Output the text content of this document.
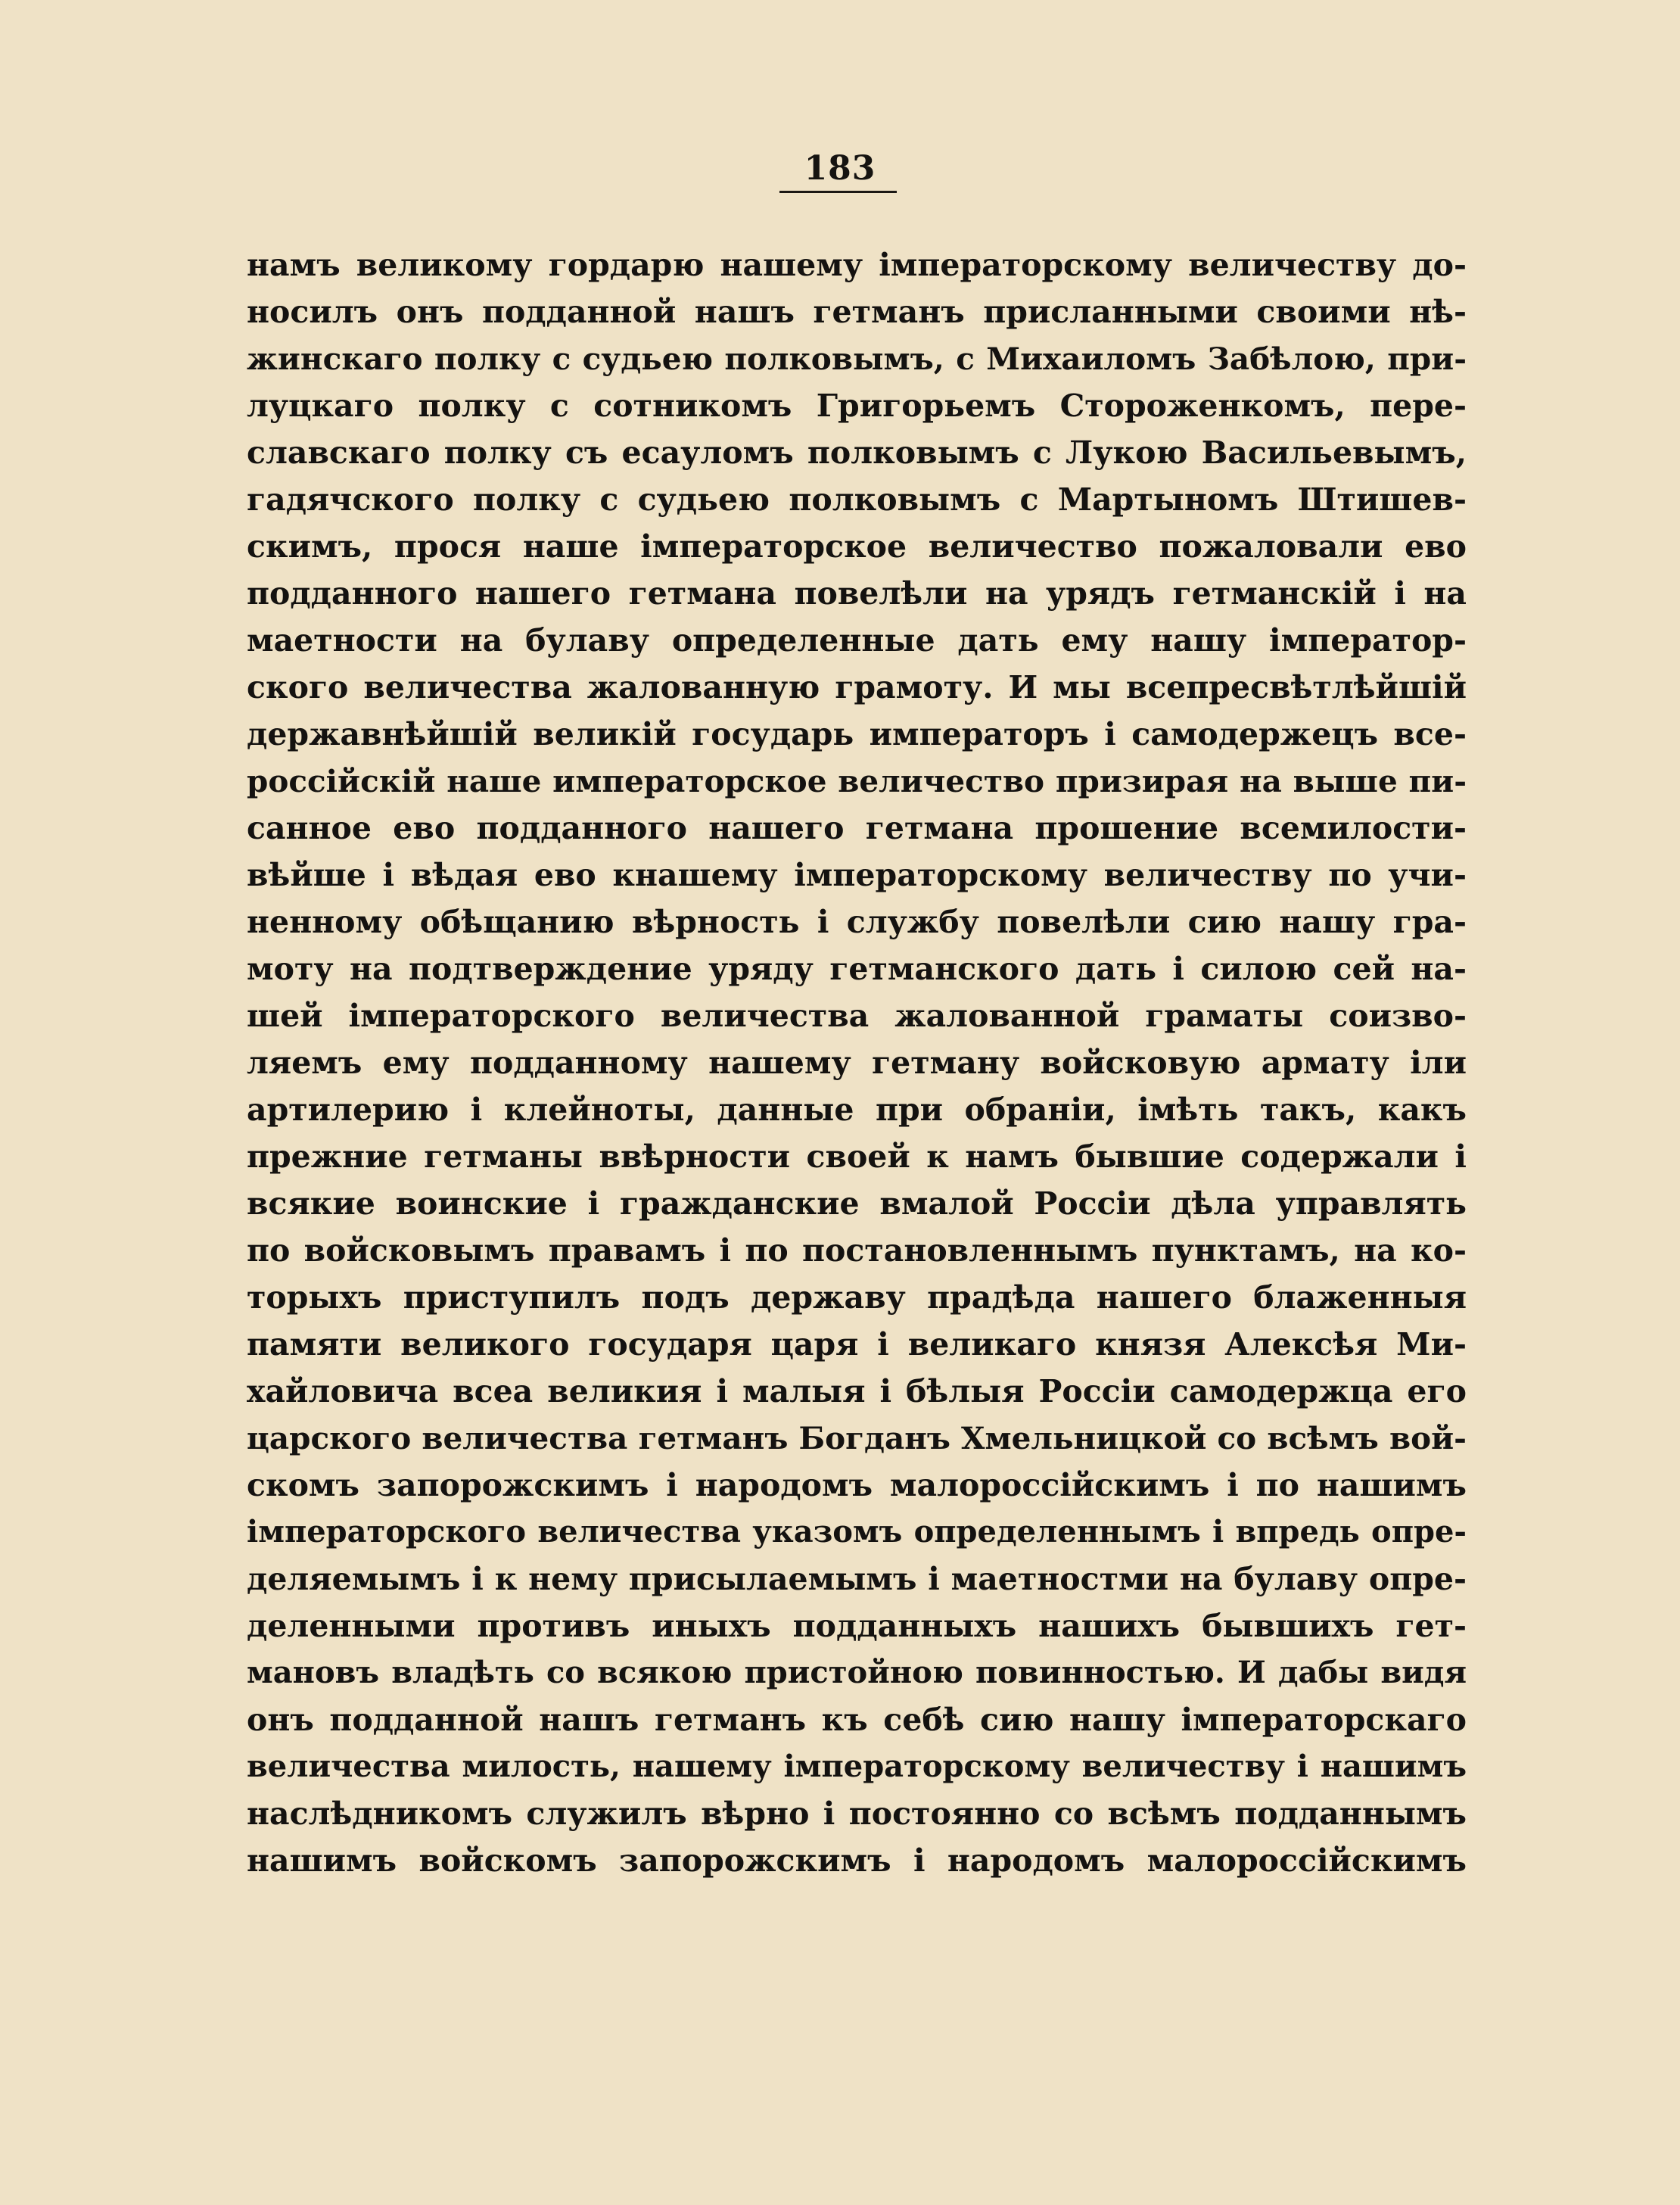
183
намъ великому гордарю нашему імператорскому величеству до-
носилъ онъ подданной нашъ гетманъ присланными своими нѣ-
жинскаго полку с судьею полковымъ, с Михаиломъ Забѣлою, при-
луцкаго полку с сотникомъ Григорьемъ Стороженкомъ, пере-
славскаго полку съ есауломъ полковымъ с Лукою Васильевымъ,
гадячского полку с судьею полковымъ с Мартыномъ Штишев-
скимъ, прося наше імператорское величество пожаловали ево
подданного нашего гетмана повелѣли на урядъ гетманскій і на
маетности на булаву определенные дать ему нашу імператор-
ского величества жалованную грамоту. И мы всепресвѣтлѣйшій
державнѣйшій великій государь императоръ і самодержецъ все-
россійскій наше императорское величество призирая на выше пи-
санное ево подданного нашего гетмана прошение всемилости-
вѣйше і вѣдая ево кнашему імператорскому величеству по учи-
ненному обѣщанию вѣрность і службу повелѣли сию нашу гра-
моту на подтверждение уряду гетманского дать і силою сей на-
шей імператорского величества жалованной граматы соизво-
ляемъ ему подданному нашему гетману войсковую армату іли
артилерию і клейноты, данные при обраніи, імѣть такъ, какъ
прежние гетманы ввѣрности своей к намъ бывшие содержали і
всякие воинские і гражданские вмалой Россіи дѣла управлять
по войсковымъ правамъ і по постановленнымъ пунктамъ, на ко-
торыхъ приступилъ подъ державу прадѣда нашего блаженныя
памяти великого государя царя і великаго князя Алексѣя Ми-
хайловича всеа великия і малыя і бѣлыя Россіи самодержца его
царского величества гетманъ Богданъ Хмельницкой со всѣмъ вой-
скомъ запорожскимъ і народомъ малороссійскимъ і по нашимъ
імператорского величества указомъ определеннымъ і впредь опре-
деляемымъ і к нему присылаемымъ і маетностми на булаву опре-
деленными противъ иныхъ подданныхъ нашихъ бывшихъ гет-
мановъ владѣть со всякою пристойною повинностью. И дабы видя
онъ подданной нашъ гетманъ къ себѣ сию нашу імператорскаго
величества милость, нашему імператорскому величеству і нашимъ
наслѣдникомъ служилъ вѣрно і постоянно со всѣмъ подданнымъ
нашимъ войскомъ запорожскимъ і народомъ малороссійскимъ
